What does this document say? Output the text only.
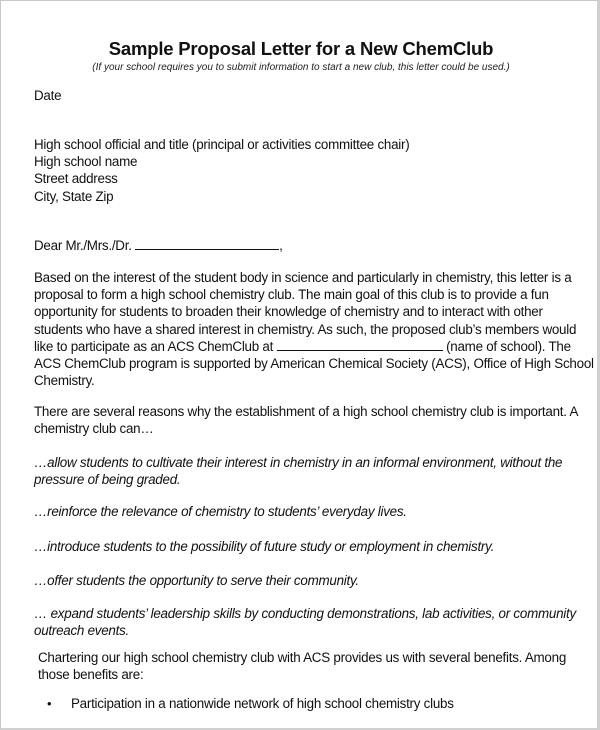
Sample Proposal Letter for a New ChemClub
(If your school requires you to submit information to start a new club, this letter could be used.)
Date
High school official and title (principal or activities committee chair)
High school name
Street address
City, State Zip
Dear Mr./Mrs./Dr.	,
Based on the interest of the student body in science and particularly in chemistry, this letter is a
proposal to form a high school chemistry club. The main goal of this club is to provide a fun
opportunity for students to broaden their knowledge of chemistry and to interact with other
students who have a shared interest in chemistry. As such, the proposed club’s members would
like to participate as an ACS ChemClub at	(name of school). The
ACS ChemClub program is supported by American Chemical Society (ACS), Office of High School
Chemistry.
There are several reasons why the establishment of a high school chemistry club is important. A
chemistry club can…
…allow students to cultivate their interest in chemistry in an informal environment, without the
pressure of being graded.
…reinforce the relevance of chemistry to students’ everyday lives.
…introduce students to the possibility of future study or employment in chemistry.
…offer students the opportunity to serve their community.
… expand students’ leadership skills by conducting demonstrations, lab activities, or community
outreach events.
Chartering our high school chemistry club with ACS provides us with several benefits. Among
those benefits are:
• Participation in a nationwide network of high school chemistry clubs
